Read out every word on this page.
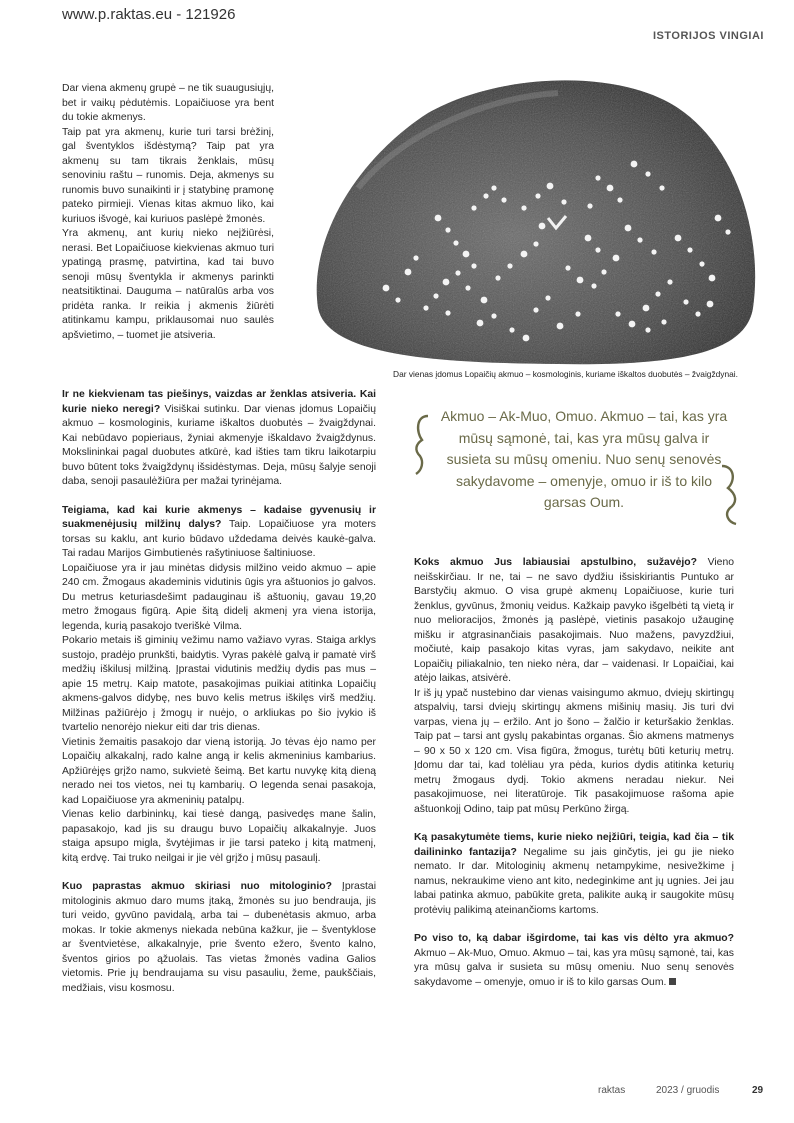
www.p.raktas.eu - 121926
ISTORIJOS VINGIAI

Dar viena akmenų grupė – ne tik suaugusiųjų, bet ir vaikų pėdutėmis. Lopaičiuose yra bent du tokie akmenys.

Taip pat yra akmenų, kurie turi tarsi brėžinį, gal šventyklos išdėstymą? Taip pat yra akmenų su tam tikrais ženklais, mūsų senoviniu raštu – runomis. Deja, akmenys su runomis buvo sunaikinti ir į statybinę pramonę pateko pirmieji. Vienas kitas akmuo liko, kai kuriuos išvogė, kai kuriuos paslėpė žmonės.

Yra akmenų, ant kurių nieko neįžiūrėsi, nerasi. Bet Lopaičiuose kiekvienas akmuo turi ypatingą prasmę, patvirtina, kad tai buvo senoji mūsų šventykla ir akmenys parinkti neatsitiktinai. Dauguma – natūralūs arba vos pridėta ranka. Ir reikia į akmenis žiūrėti atitinkamu kampu, priklausomai nuo saulės apšvietimo, – tuomet jie atsiveria.

Dar vienas įdomus Lopaičių akmuo – kosmologinis, kuriame iškaltos duobutės – žvaigždynai.
Akmuo – Ak-Muo, Omuo. Akmuo – tai, kas yra mūsų sąmonė, tai, kas yra mūsų galva ir susieta su mūsų omeniu. Nuo senų senovės sakydavome – omenyje, omuo ir iš to kilo garsas Oum.

Ir ne kiekvienam tas piešinys, vaizdas ar ženklas atsiveria. Kai kurie nieko neregi? Visiškai sutinku. Dar vienas įdomus Lopaičių akmuo – kosmologinis, kuriame iškaltos duobutės – žvaigždynai. Kai nebūdavo popieriaus, žyniai akmenyje iškaldavo žvaigždynus. Mokslininkai pagal duobutes atkūrė, kad išties tam tikru laikotarpiu buvo būtent toks žvaigždynų išsidėstymas. Deja, mūsų šalyje senoji daba, senoji pasaulėžiūra per mažai tyrinėjama.

Teigiama, kad kai kurie akmenys – kadaise gyvenusių ir suakmenėjusių milžinų dalys? Taip. Lopaičiuose yra moters torsas su kaklu, ant kurio būdavo uždedama deivės kaukė-galva. Tai radau Marijos Gimbutienės rašytiniuose šaltiniuose.

Lopaičiuose yra ir jau minėtas didysis milžino veido akmuo – apie 240 cm. Žmogaus akademinis vidutinis ūgis yra aštuonios jo galvos. Du metrus keturiasdešimt padauginau iš aštuonių, gavau 19,20 metro žmogaus figūrą. Apie šitą didelį akmenį yra viena istorija, legenda, kurią pasakojo tveriškė Vilma.

Pokario metais iš giminių vežimu namo važiavo vyras. Staiga arklys sustojo, pradėjo prunkšti, baidytis. Vyras pakėlė galvą ir pamatė virš medžių iškilusį milžiną. Įprastai vidutinis medžių dydis pas mus – apie 15 metrų. Kaip matote, pasakojimas puikiai atitinka Lopaičių akmens-galvos didybę, nes buvo kelis metrus iškilęs virš medžių. Milžinas pažiūrėjo į žmogų ir nuėjo, o arkliukas po šio įvykio iš tvartelio nenorėjo niekur eiti dar tris dienas.

Vietinis žemaitis pasakojo dar vieną istoriją. Jo tėvas ėjo namo per Lopaičių alkakalnį, rado kalne angą ir kelis akmeninius kambarius. Apžiūrėjęs grįžo namo, sukvietė šeimą. Bet kartu nuvykę kitą dieną nerado nei tos vietos, nei tų kambarių. O legenda senai pasakoja, kad Lopaičiuose yra akmeninių patalpų.

Vienas kelio darbininkų, kai tiesė dangą, pasivedęs mane šalin, papasakojo, kad jis su draugu buvo Lopaičių alkakalnyje. Juos staiga apsupo migla, švytėjimas ir jie tarsi pateko į kitą matmenį, kitą erdvę. Tai truko neilgai ir jie vėl grįžo į mūsų pasaulį.

Kuo paprastas akmuo skiriasi nuo mitologinio? Įprastai mitologinis akmuo daro mums įtaką, žmonės su juo bendrauja, jis turi veido, gyvūno pavidalą, arba tai – dubenėtasis akmuo, arba mokas. Ir tokie akmenys niekada nebūna kažkur, jie – šventyklose ar šventvietėse, alkakalnyje, prie švento ežero, švento kalno, šventos girios po ąžuolais. Tas vietas žmonės vadina Galios vietomis. Prie jų bendraujama su visu pasauliu, žeme, paukščiais, medžiais, visu kosmosu.

Koks akmuo Jus labiausiai apstulbino, sužavėjo? Vieno neišskirčiau. Ir ne, tai – ne savo dydžiu išsiskiriantis Puntuko ar Barstyčių akmuo. O visa grupė akmenų Lopaičiuose, kurie turi ženklus, gyvūnus, žmonių veidus. Kažkaip pavyko išgelbėti tą vietą ir nuo melioracijos, žmonės ją paslėpė, vietinis pasakojo užauginę mišku ir atgrasinančiais pasakojimais. Nuo mažens, pavyzdžiui, močiutė, kaip pasakojo kitas vyras, jam sakydavo, neikite ant Lopaičių piliakalnio, ten nieko nėra, dar – vaidenasi. Ir Lopaičiai, kai atėjo laikas, atsivėrė.

Ir iš jų ypač nustebino dar vienas vaisingumo akmuo, dviejų skirtingų atspalvių, tarsi dviejų skirtingų akmens mišinių masių. Jis turi dvi varpas, viena jų – eržilo. Ant jo šono – žalčio ir keturšakio ženklas. Taip pat – tarsi ant gyslų pakabintas organas. Šio akmens matmenys – 90 x 50 x 120 cm. Visa figūra, žmogus, turėtų būti keturių metrų. Įdomu dar tai, kad tolėliau yra pėda, kurios dydis atitinka keturių metrų žmogaus dydį. Tokio akmens neradau niekur. Nei pasakojimuose, nei literatūroje. Tik pasakojimuose rašoma apie aštuonkojį Odino, taip pat mūsų Perkūno žirgą.

Ką pasakytumėte tiems, kurie nieko neįžiūri, teigia, kad čia – tik dailininko fantazija? Negalime su jais ginčytis, jei gu jie nieko nemato. Ir dar. Mitologinių akmenų netampykime, nesivežkime į namus, nekraukime vieno ant kito, nedeginkime ant jų ugnies. Jei jau labai patinka akmuo, pabūkite greta, palikite auką ir saugokite mūsų protėvių palikimą ateinančioms kartoms.

Po viso to, ką dabar išgirdome, tai kas vis dėlto yra akmuo? Akmuo – Ak-Muo, Omuo. Akmuo – tai, kas yra mūsų sąmonė, tai, kas yra mūsų galva ir susieta su mūsų omeniu. Nuo senų senovės sakydavome – omenyje, omuo ir iš to kilo garsas Oum.

raktas	2023 / gruodis	29
